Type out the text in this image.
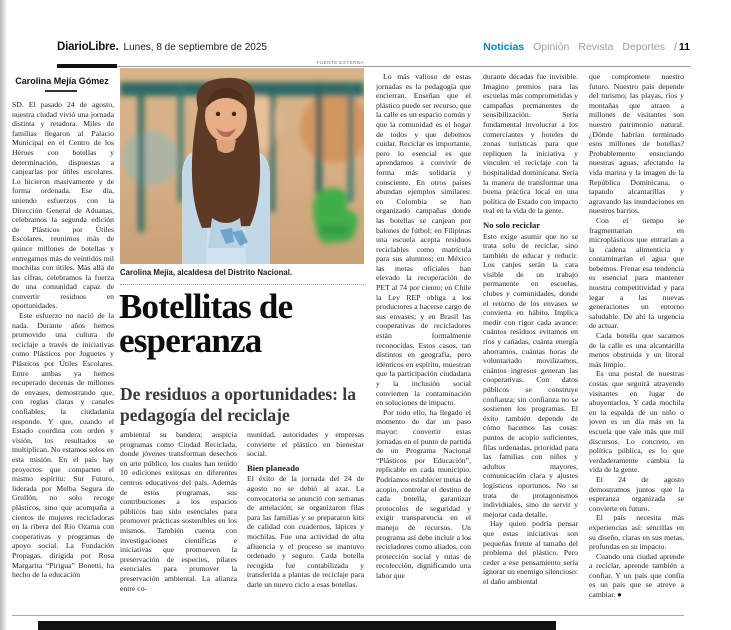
DiarioLibre. Lunes, 8 de septiembre de 2025	Noticias Opinión Revista Deportes / 11
Carolina Mejía Gómez
FUENTE EXTERNA
Carolina Mejía, alcaldesa del Distrito Nacional.
Botellitas de esperanza
De residuos a oportunidades: la pedagogía del reciclaje

SD. El pasado 24 de agosto, nuestra ciudad vivió una jornada distinta y retadora. Miles de familias llegaron al Palacio Municipal en el Centro de los Héroes con botellas y determinación, dispuestas a canjearlas por útiles escolares. Lo hicieron masivamente y de forma ordenada. Ese día, uniendo esfuerzos con la Dirección General de Aduanas, celebramos la segunda edición de Plásticos por Útiles Escolares, reunimos más de quince millones de botellas y entregamos más de veintidós mil mochilas con útiles. Más allá de las cifras, celebramos la fuerza de una comunidad capaz de convertir residuos en oportunidades.

Este esfuerzo no nació de la nada. Durante años hemos promovido una cultura de reciclaje a través de iniciativas como Plásticos por Juguetes y Plásticos por Útiles Escolares. Entre ambas ya hemos recuperado decenas de millones de envases, demostrando que, con reglas claras y canales confiables, la ciudadanía responde. Y que, cuando el Estado coordina con orden y visión, los resultados se multiplican. No estamos solos en esta misión. En el país hay proyectos que comparten el mismo espíritu: Sur Futuro, liderada por Melba Segura de Grullón, no solo recoge plásticos, sino que acompaña a cientos de mujeres recicladoras en la ribera del Río Ozama con cooperativas y programas de apoyo social. La Fundación Propagas, dirigida por Rosa Margarita “Pirigua” Bonetti, ha hecho de la educación

ambiental su bandera; auspicia programas como Ciudad Reciclada, donde jóvenes transforman desechos en arte público, los cuales han tenido 10 ediciones exitosas en diferentes centros educativos del país. Además de estos programas, sus contribuciones a los espacios públicos han sido esenciales para promover prácticas sostenibles en los mismos. También cuenta con investigaciones científicas e iniciativas que promueven la preservación de especies, pilares esenciales para promover la preservación ambiental. La alianza entre co-

munidad, autoridades y empresas convierte el plástico en bienestar social.

Bien planeado

El éxito de la jornada del 24 de agosto no se debió al azar. La convocatoria se anunció con semanas de antelación; se organizaron filas para las familias y se prepararon kits de calidad con cuadernos, lápices y mochilas. Fue una actividad de alta afluencia y el proceso se mantuvo ordenado y seguro. Cada botella recogida fue contabilizada y transferida a plantas de reciclaje para darle un nuevo ciclo a esas botellas.

Lo más valioso de estas jornadas es la pedagogía que encierran. Enseñan que el plástico puede ser recurso, que la calle es un espacio común y que la comunidad es el hogar de todos y que debemos cuidar. Reciclar es importante, pero lo esencial es que aprendamos a convivir de forma más solidaria y consciente. En otros países abundan ejemplos similares: en Colombia se han organizado campañas donde las botellas se canjean por balones de fútbol; en Filipinas una escuela acepta residuos reciclables como matrícula para sus alumnos; en México las metas oficiales han elevado la recuperación de PET al 74 por ciento; en Chile la Ley REP obliga a los productores a hacerse cargo de sus envases; y en Brasil las cooperativas de recicladores están formalmente reconocidas. Estos casos, tan distintos en geografía, pero idénticos en espíritu, muestran que la participación ciudadana y la inclusión social convierten la contaminación en soluciones de impacto.

Por todo ello, ha llegado el momento de dar un paso mayor: convertir estas jornadas en el punto de partida de un Programa Nacional “Plásticos por Educación”, replicable en cada municipio. Podríamos establecer metas de acopio, controlar el destino de cada botella, garantizar protocolos de seguridad y exigir transparencia en el manejo de recursos. Un programa así debe incluir a los recicladores como aliados, con protección social y rutas de recolección, dignificando una labor que

durante décadas fue invisible. Imagino premios para las escuelas más comprometidas y campañas permanentes de sensibilización. Sería fundamental involucrar a los comerciantes y hoteles de zonas turísticas para que repliquen la iniciativa y vinculen el reciclaje con la hospitalidad dominicana. Sería la manera de transformar una buena práctica local en una política de Estado con impacto real en la vida de la gente.

No solo reciclar

Esto exige asumir que no se trata solo de reciclar, sino también de educar y reducir. Los canjes serán la cara visible de un trabajo permanente en escuelas, clubes y comunidades, donde el retorno de los envases se convierta en hábito. Implica medir con rigor cada avance: cuántos residuos evitamos en ríos y cañadas, cuánta energía ahorramos, cuántas horas de voluntariado movilizamos, cuántos ingresos generan las cooperativas. Con datos públicos se construye confianza; sin confianza no se sostienen los programas. El éxito también depende de cómo hacemos las cosas: puntos de acopio suficientes, filas ordenadas, prioridad para las familias con niños y adultos mayores, comunicación clara y ajustes logísticos oportunos. No se trata de protagonismos individuales, sino de servir y mejorar cada detalle.

Hay quien podría pensar que estas iniciativas son pequeñas frente al tamaño del problema del plástico. Pero ceder a ese pensamiento sería ignorar un enemigo silencioso: el daño ambiental

que compromete nuestro futuro. Nuestro país depende del turismo; las playas, ríos y montañas que atraen a millones de visitantes son nuestro patrimonio natural. ¿Dónde habrían terminado esos millones de botellas? Probablemente ensuciando nuestras aguas, afectando la vida marina y la imagen de la República Dominicana, o tapando alcantarillas y agravando las inundaciones en nuestros barrios.

Con el tiempo se fragmentarían en microplásticos que entrarían a la cadena alimenticia y contaminarían el agua que bebemos. Frenar esa tendencia es esencial para mantener nuestra competitividad y para legar a las nuevas generaciones un entorno saludable. De ahí la urgencia de actuar.

Cada botella que sacamos de la calle es una alcantarilla menos obstruida y un litoral más limpio.

Es una postal de nuestras costas que seguirá atrayendo visitantes en lugar de ahuyentarlos. Y cada mochila en la espalda de un niño o joven es un día más en la escuela que vale más que mil discursos. Lo concreto, en política pública, es lo que verdaderamente cambia la vida de la gente.

El 24 de agosto demostramos juntos que la esperanza organizada se convierte en futuro.

El país necesita más experiencias así: sencillas en su diseño, claras en sus metas, profundas en su impacto.

Cuando una ciudad aprende a reciclar, aprende también a confiar. Y un país que confía es un país que se atreve a cambiar. ●
